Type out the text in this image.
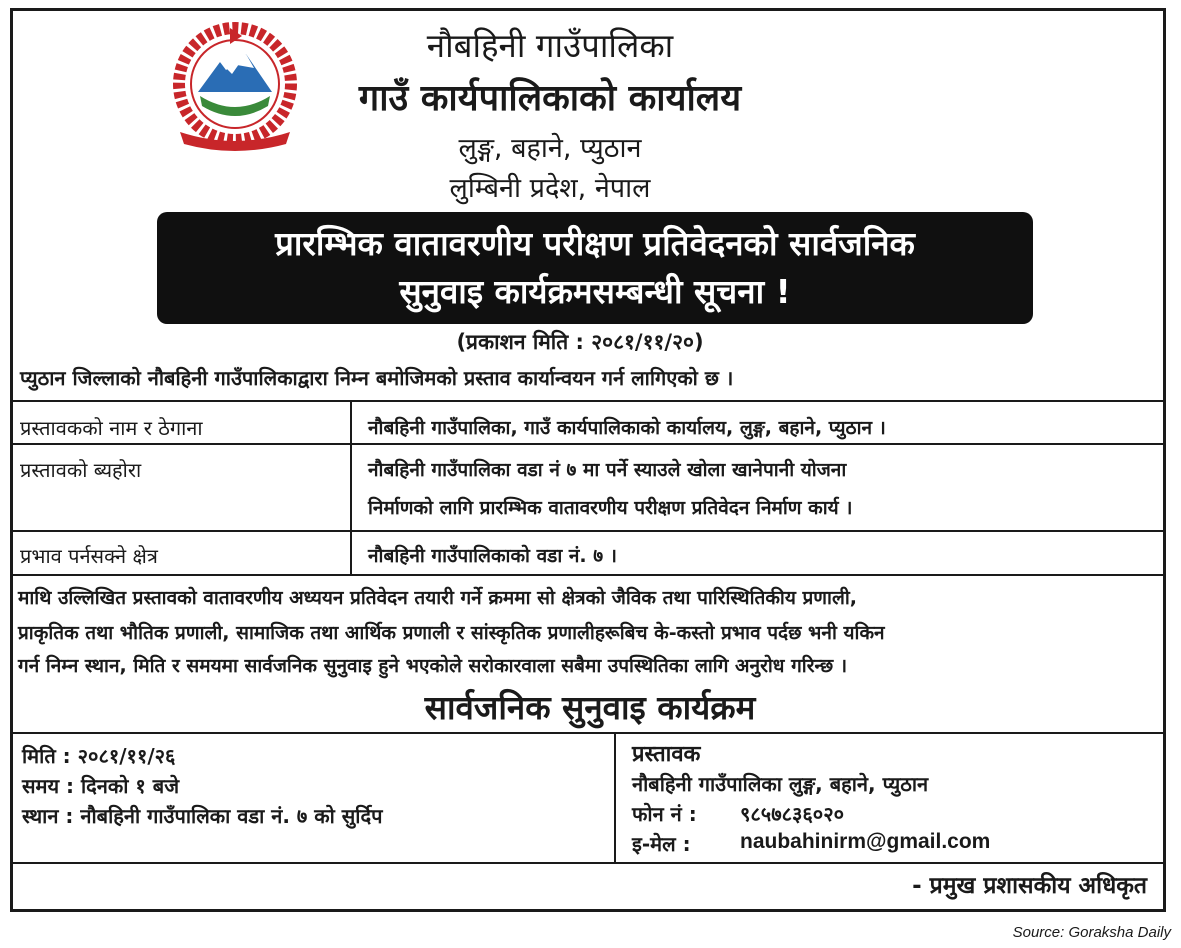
नौबहिनी गाउँपालिका
गाउँ कार्यपालिकाको कार्यालय
लुङ्ग, बहाने, प्युठान
लुम्बिनी प्रदेश, नेपाल
प्रारम्भिक वातावरणीय परीक्षण प्रतिवेदनको सार्वजनिक
सुनुवाइ कार्यक्रमसम्बन्धी सूचना !
(प्रकाशन मिति : २०८१/११/२०)
प्युठान जिल्लाको नौबहिनी गाउँपालिकाद्वारा निम्न बमोजिमको प्रस्ताव कार्यान्वयन गर्न लागिएको छ ।
प्रस्तावकको नाम र ठेगाना	नौबहिनी गाउँपालिका, गाउँ कार्यपालिकाको कार्यालय, लुङ्ग, बहाने, प्युठान ।
प्रस्तावको ब्यहोरा	नौबहिनी गाउँपालिका वडा नं ७ मा पर्ने स्याउले खोला खानेपानी योजना
निर्माणको लागि प्रारम्भिक वातावरणीय परीक्षण प्रतिवेदन निर्माण कार्य ।
प्रभाव पर्नसक्ने क्षेत्र	नौबहिनी गाउँपालिकाको वडा नं. ७ ।
माथि उल्लिखित प्रस्तावको वातावरणीय अध्ययन प्रतिवेदन तयारी गर्ने क्रममा सो क्षेत्रको जैविक तथा पारिस्थितिकीय प्रणाली,
प्राकृतिक तथा भौतिक प्रणाली, सामाजिक तथा आर्थिक प्रणाली र सांस्कृतिक प्रणालीहरूबिच के-कस्तो प्रभाव पर्दछ भनी यकिन
गर्न निम्न स्थान, मिति र समयमा सार्वजनिक सुनुवाइ हुने भएकोले सरोकारवाला सबैमा उपस्थितिका लागि अनुरोध गरिन्छ ।
सार्वजनिक सुनुवाइ कार्यक्रम
मिति : २०८१/११/२६
समय : दिनको १ बजे
स्थान : नौबहिनी गाउँपालिका वडा नं. ७ को सुर्दिप
प्रस्तावक
नौबहिनी गाउँपालिका लुङ्ग, बहाने, प्युठान
फोन नं : ९८५७८३६०२०
इ-मेल : naubahinirm@gmail.com
- प्रमुख प्रशासकीय अधिकृत
Source: Goraksha Daily
